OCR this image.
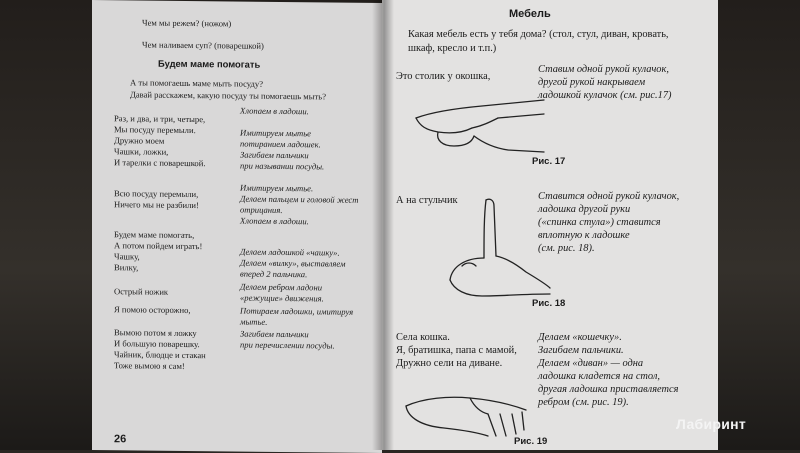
Чем мы режем? (ножом)
Чем наливаем суп? (поварешкой)
Будем маме помогать
А ты помогаешь маме мыть посуду?
Давай расскажем, какую посуду ты помогаешь мыть?
Раз, и два, и три, четыре,
Мы посуду перемыли.
Дружно моем
Чашки, ложки,
И тарелки с поварешкой.
Хлопаем в ладоши.
Имитируем мытье
потиранием ладошек.
Загибаем пальчики
при назывании посуды.
Всю посуду перемыли,
Ничего мы не разбили!
Имитируем мытье.
Делаем пальцем и головой жест
отрицания.
Хлопаем в ладоши.
Будем маме помогать,
А потом пойдем играть!
Чашку,
Вилку,
Делаем ладошкой «чашку».
Делаем «вилку», выставляем
вперед 2 пальчика.
Острый ножик	Делаем ребром ладони
«режущие» движения.
Я помою осторожно,	Потираем ладошки, имитируя
мытье.
Вымою потом я ложку
И большую поварешку.
Чайник, блюдце и стакан
Тоже вымою я сам!
Загибаем пальчики
при перечислении посуды.
26
Мебель
Какая мебель есть у тебя дома? (стол, стул, диван, кровать,
шкаф, кресло и т.п.)
Это столик у окошка,
Ставим одной рукой кулачок,
другой рукой накрываем
ладошкой кулачок (см. рис.17)
Рис. 17
А на стульчик	Ставится одной рукой кулачок,
ладошка другой руки
(«спинка стула») ставится
вплотную к ладошке
(см. рис. 18).
Рис. 18
Села кошка.
Я, братишка, папа с мамой,
Дружно сели на диване.
Делаем «кошечку».
Загибаем пальчики.
Делаем «диван» — одна
ладошка кладется на стол,
другая ладошка приставляется
ребром (см. рис. 19).
Рис. 19
Лабиринт
